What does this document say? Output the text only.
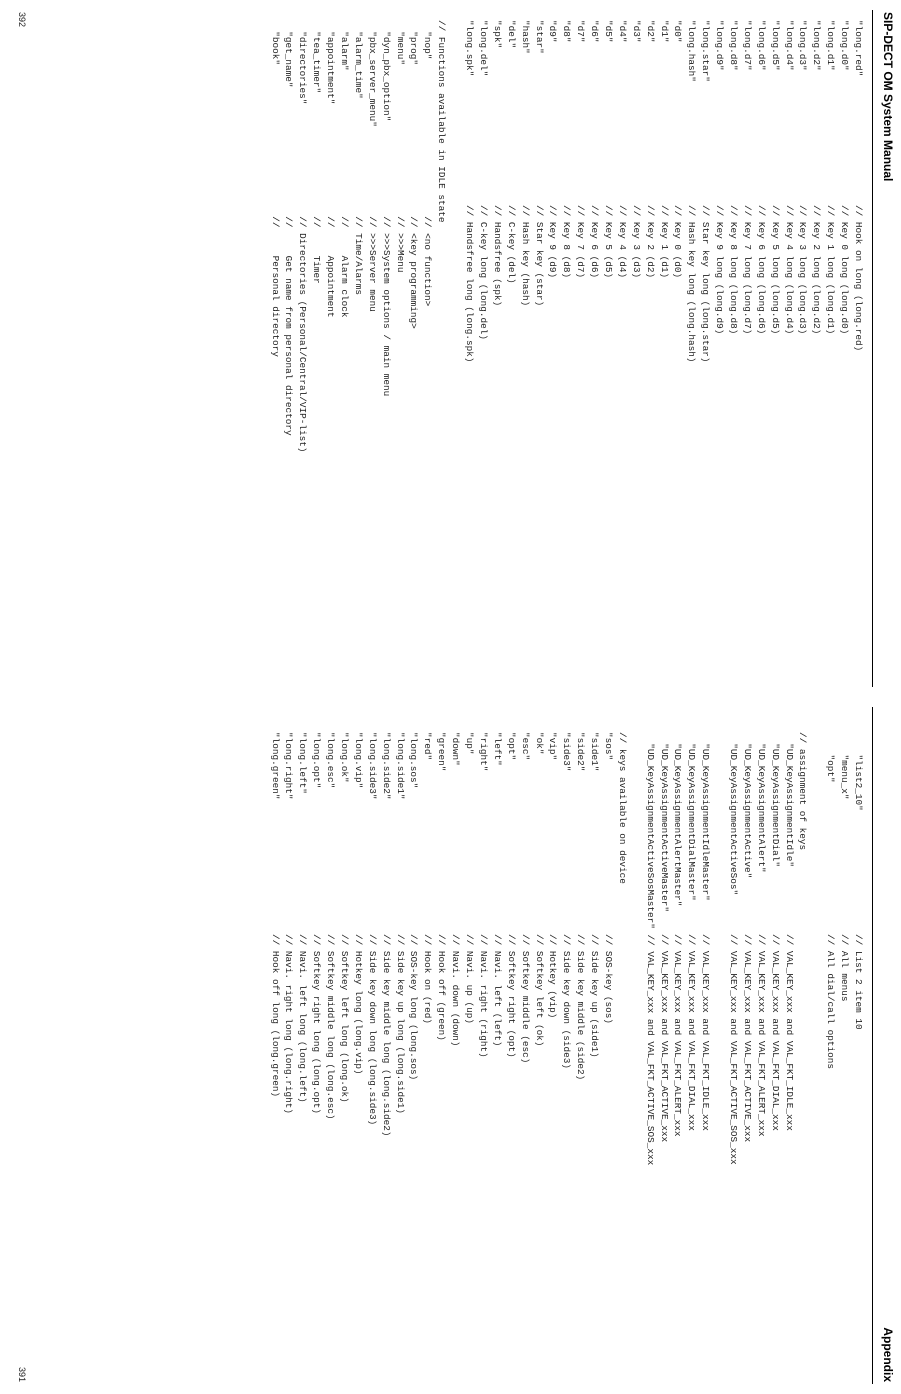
SIP-DECT OM System Manual
"long.red"
// Hook on long (long.red)
"long.d0"
// Key 0 long (long.d0)
"long.d1"
// Key 1 long (long.d1)
"long.d2"
// Key 2 long (long.d2)
"long.d3"
// Key 3 long (long.d3)
"long.d4"
// Key 4 long (long.d4)
"long.d5"
// Key 5 long (long.d5)
"long.d6"
// Key 6 long (long.d6)
"long.d7"
// Key 7 long (long.d7)
"long.d8"
// Key 8 long (long.d8)
"long.d9"
// Key 9 long (long.d9)
"long.star"
// Star key long (long.star)
"long.hash"
// Hash key long (long.hash)
"d0"
// Key 0 (d0)
"d1"
// Key 1 (d1)
"d2"
// Key 2 (d2)
"d3"
// Key 3 (d3)
"d4"
// Key 4 (d4)
"d5"
// Key 5 (d5)
"d6"
// Key 6 (d6)
"d7"
// Key 7 (d7)
"d8"
// Key 8 (d8)
"d9"
// Key 9 (d9)
"star"
// Star key (star)
"hash"
// Hash key (hash)
"del"
// C-key (del)
"spk"
// Handsfree (spk)
"long.del"
// C-key long (long.del)
"long.spk"
// Handsfree long (long.spk)
// Functions available in IDLE state
"nop"
// <no function>
"prog"
// <key programming>
"menu"
// >>>Menu
"dyn_pbx_option"
// >>>System options / main menu
"pbx_server_menu"
// >>>Server menu
"alarm_time"
// Time/Alarms
"alarm"
//     Alarm clock
"appointment"
//     Appointment
"tea_timer"
//     Timer
"directories"
// Directories (Personal/Central/VIP-list)
"get_name"
//     Get name from personal directory
"book"
//     Personal directory
392
Appendix
"list2_10"
// List 2 item 10
"menu_x"
// All menus
"opt"
// All dial/call options
// assignment of keys
"UD_KeyAssignmentIdle"
// VAL_KEY_xxx and VAL_FKT_IDLE_xxx
"UD_KeyAssignmentDial"
// VAL_KEY_xxx and VAL_FKT_DIAL_xxx
"UD_KeyAssignmentAlert"
// VAL_KEY_xxx and VAL_FKT_ALERT_xxx
"UD_KeyAssignmentActive"
// VAL_KEY_xxx and VAL_FKT_ACTIVE_xxx
"UD_KeyAssignmentActiveSos"
// VAL_KEY_xxx and VAL_FKT_ACTIVE_SOS_xxx
"UD_KeyAssignmentIdleMaster"
// VAL_KEY_xxx and VAL_FKT_IDLE_xxx
"UD_KeyAssignmentDialMaster"
// VAL_KEY_xxx and VAL_FKT_DIAL_xxx
"UD_KeyAssignmentAlertMaster"
// VAL_KEY_xxx and VAL_FKT_ALERT_xxx
"UD_KeyAssignmentActiveMaster"
// VAL_KEY_xxx and VAL_FKT_ACTIVE_xxx
"UD_KeyAssignmentActiveSosMaster" // VAL_KEY_xxx and VAL_FKT_ACTIVE_SOS_xxx
// keys available on device
"sos"
// SOS-key (sos)
"side1"
// Side key up (side1)
"side2"
// Side key middle (side2)
"side3"
// Side key down (side3)
"vip"
// Hotkey (vip)
"ok"
// Softkey left (ok)
"esc"
// Softkey middle (esc)
"opt"
// Softkey right (opt)
"left"
// Navi. left (left)
"right"
// Navi. right (right)
"up"
// Navi. up (up)
"down"
// Navi. down (down)
"green"
// Hook off (green)
"red"
// Hook on (red)
"long.sos"
// SOS-key long (long.sos)
"long.side1"
// Side key up long (long.side1)
"long.side2"
// Side key middle long (long.side2)
"long.side3"
// Side key down long (long.side3)
"long.vip"
// Hotkey long (long.vip)
"long.ok"
// Softkey left long (long.ok)
"long.esc"
// Softkey middle long (long.esc)
"long.opt"
// Softkey right long (long.opt)
"long.left"
// Navi. left long (long.left)
"long.right"
// Navi. right long (long.right)
"long.green"
// Hook off long (long.green)
391
